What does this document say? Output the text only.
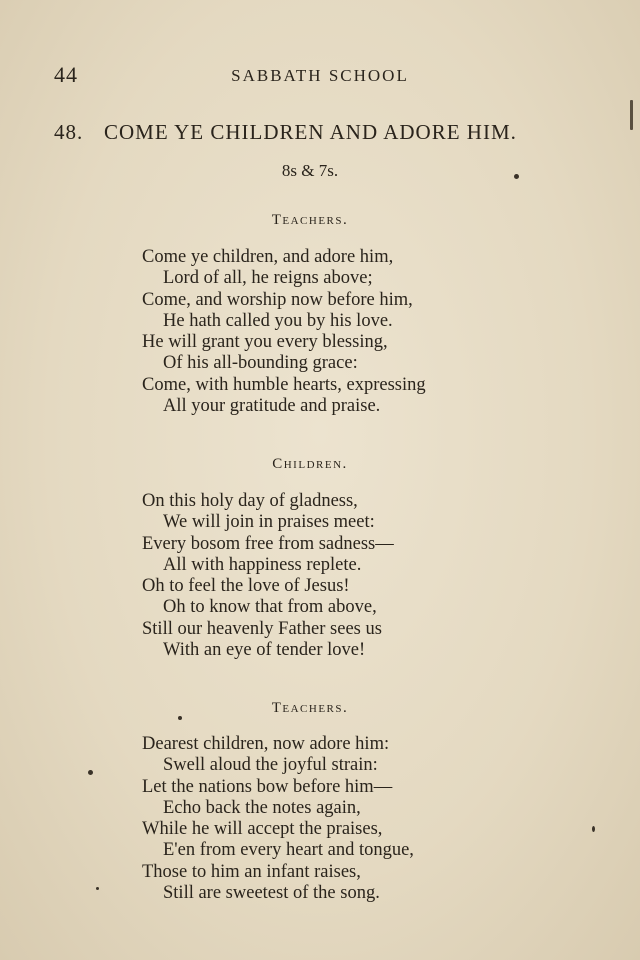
44	SABBATH SCHOOL
48. COME YE CHILDREN AND ADORE HIM.
8s & 7s.
Teachers.
Come ye children, and adore him,
Lord of all, he reigns above;
Come, and worship now before him,
He hath called you by his love.
He will grant you every blessing,
Of his all-bounding grace:
Come, with humble hearts, expressing
All your gratitude and praise.
Children.
On this holy day of gladness,
We will join in praises meet:
Every bosom free from sadness—
All with happiness replete.
Oh to feel the love of Jesus!
Oh to know that from above,
Still our heavenly Father sees us
With an eye of tender love!
Teachers.
Dearest children, now adore him:
Swell aloud the joyful strain:
Let the nations bow before him—
Echo back the notes again,
While he will accept the praises,
E'en from every heart and tongue,
Those to him an infant raises,
Still are sweetest of the song.
